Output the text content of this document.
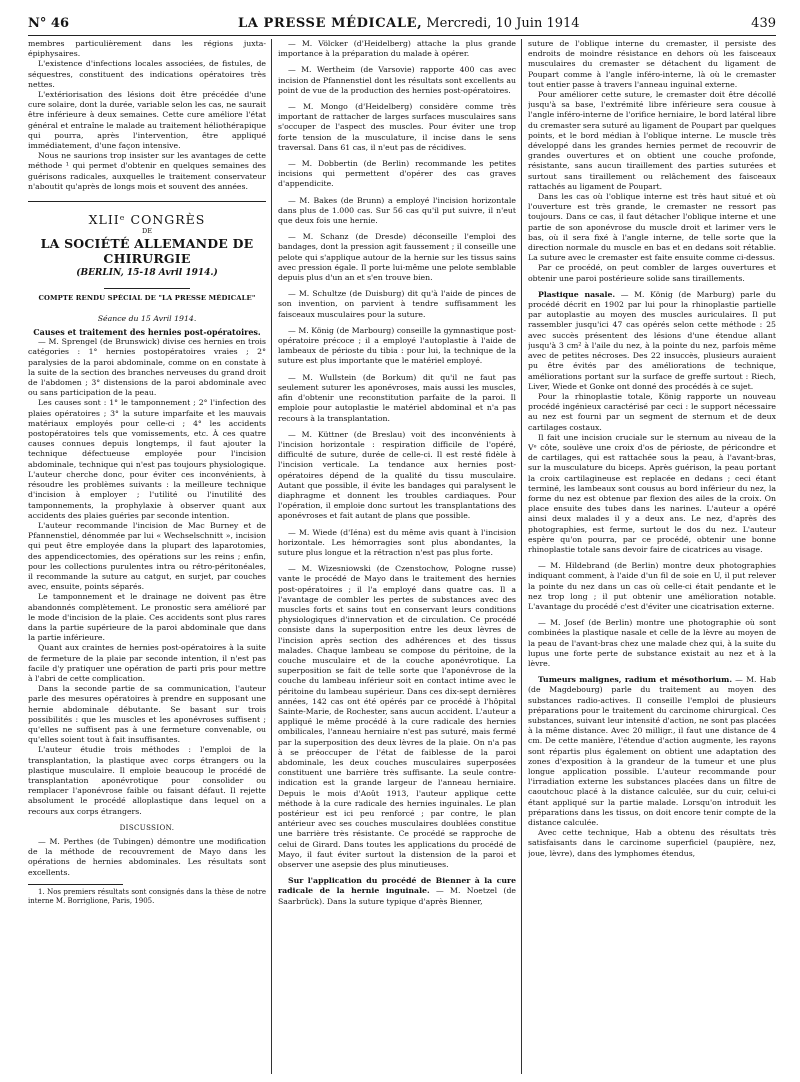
N° 46	LA PRESSE MÉDICALE, Mercredi, 10 Juin 1914	439

membres particulièrement dans les régions juxta-épiphysaires.

L'existence d'infections locales associées, de fistules, de séquestres, constituent des indications opératoires très nettes.

L'extériorisation des lésions doit être précédée d'une cure solaire, dont la durée, variable selon les cas, ne saurait être inférieure à deux semaines. Cette cure améliore l'état général et entraîne le malade au traitement héliothérapique qui pourra, après l'intervention, être appliqué immédiatement, d'une façon intensive.

Nous ne saurions trop insister sur les avantages de cette méthode ¹ qui permet d'obtenir en quelques semaines des guérisons radicales, auxquelles le traitement conservateur n'aboutit qu'après de longs mois et souvent des années.

XLIIᵉ CONGRÈS
DE
LA SOCIÉTÉ ALLEMANDE DE CHIRURGIE
(BERLIN, 15-18 Avril 1914.)
COMPTE RENDU SPÉCIAL DE "LA PRESSE MÉDICALE"
Séance du 15 Avril 1914.
Causes et traitement des hernies post-opératoires.

— M. Sprengel (de Brunswick) divise ces hernies en trois catégories : 1° hernies postopératoires vraies ; 2° paralysies de la paroi abdominale, comme on en constate à la suite de la section des branches nerveuses du grand droit de l'abdomen ; 3° distensions de la paroi abdominale avec ou sans participation de la peau.

Les causes sont : 1° le tamponnement ; 2° l'infection des plaies opératoires ; 3° la suture imparfaite et les mauvais matériaux employés pour celle-ci ; 4° les accidents postopératoires tels que vomissements, etc. À ces quatre causes connues depuis longtemps, il faut ajouter la technique défectueuse employée pour l'incision abdominale, technique qui n'est pas toujours physiologique. L'auteur cherche donc, pour éviter ces inconvénients, à résoudre les problèmes suivants : la meilleure technique d'incision à employer ; l'utilité ou l'inutilité des tamponnements, la prophylaxie à observer quant aux accidents des plaies guéries par seconde intention.

L'auteur recommande l'incision de Mac Burney et de Pfannenstiel, dénommée par lui « Wechselschnitt », incision qui peut être employée dans la plupart des laparotomies, des appendicectomies, des opérations sur les reins ; enfin, pour les collections purulentes intra ou rétro-péritonéales, il recommande la suture au catgut, en surjet, par couches avec, ensuite, points séparés.

Le tamponnement et le drainage ne doivent pas être abandonnés complètement. Le pronostic sera amélioré par le mode d'incision de la plaie. Ces accidents sont plus rares dans la partie supérieure de la paroi abdominale que dans la partie inférieure.

Quant aux craintes de hernies post-opératoires à la suite de fermeture de la plaie par seconde intention, il n'est pas facile d'y pratiquer une opération de parti pris pour mettre à l'abri de cette complication.

Dans la seconde partie de sa communication, l'auteur parle des mesures opératoires à prendre en supposant une hernie abdominale débutante. Se basant sur trois possibilités : que les muscles et les aponévroses suffisent ; qu'elles ne suffisent pas à une fermeture convenable, ou qu'elles soient tout à fait insuffisantes.

L'auteur étudie trois méthodes : l'emploi de la transplantation, la plastique avec corps étrangers ou la plastique musculaire. Il emploie beaucoup le procédé de transplantation aponévrotique pour consolider ou remplacer l'aponévrose faible ou faisant défaut. Il rejette absolument le procédé alloplastique dans lequel on a recours aux corps étrangers.

DISCUSSION.

— M. Perthes (de Tubingen) démontre une modification de la méthode de recouvrement de Mayo dans les opérations de hernies abdominales. Les résultats sont excellents.

1. Nos premiers résultats sont consignés dans la thèse de notre interne M. Borriglione, Paris, 1905.

— M. Völcker (d'Heidelberg) attache la plus grande importance à la préparation du malade à opérer.

— M. Wertheim (de Varsovie) rapporte 400 cas avec incision de Pfannenstiel dont les résultats sont excellents au point de vue de la production des hernies post-opératoires.

— M. Mongo (d'Heidelberg) considère comme très important de rattacher de larges surfaces musculaires sans s'occuper de l'aspect des muscles. Pour éviter une trop forte tension de la musculature, il incise dans le sens traversal. Dans 61 cas, il n'eut pas de récidives.

— M. Dobbertin (de Berlin) recommande les petites incisions qui permettent d'opérer des cas graves d'appendicite.

— M. Bakes (de Brunn) a employé l'incision horizontale dans plus de 1.000 cas. Sur 56 cas qu'il put suivre, il n'eut que deux fois une hernie.

— M. Schanz (de Dresde) déconseille l'emploi des bandages, dont la pression agit faussement ; il conseille une pelote qui s'applique autour de la hernie sur les tissus sains avec pression égale. Il porte lui-même une pelote semblable depuis plus d'un an et s'en trouve bien.

— M. Schultze (de Duisburg) dit qu'à l'aide de pinces de son invention, on parvient à tendre suffisamment les faisceaux musculaires pour la suture.

— M. König (de Marbourg) conseille la gymnastique post-opératoire précoce ; il a employé l'autoplastie à l'aide de lambeaux de périoste du tibia : pour lui, la technique de la suture est plus importante que le matériel employé.

— M. Wullstein (de Borkum) dit qu'il ne faut pas seulement suturer les aponévroses, mais aussi les muscles, afin d'obtenir une reconstitution parfaite de la paroi. Il emploie pour autoplastie le matériel abdominal et n'a pas recours à la transplantation.

— M. Küttner (de Breslau) voit des inconvénients à l'incision horizontale : respiration difficile de l'opéré, difficulté de suture, durée de celle-ci. Il est resté fidèle à l'incision verticale. La tendance aux hernies post-opératoires dépend de la qualité du tissu musculaire. Autant que possible, il évite les bandages qui paralysent le diaphragme et donnent les troubles cardiaques. Pour l'opération, il emploie donc surtout les transplantations des aponévroses et fait autant de plans que possible.

— M. Wiede (d'Iéna) est du même avis quant à l'incision horizontale. Les hémorragies sont plus abondantes, la suture plus longue et la rétraction n'est pas plus forte.

— M. Wizesniowski (de Czenstochow, Pologne russe) vante le procédé de Mayo dans le traitement des hernies post-opératoires ; il l'a employé dans quatre cas. Il a l'avantage de combler les pertes de substances avec des muscles forts et sains tout en conservant leurs conditions physiologiques d'innervation et de circulation. Ce procédé consiste dans la superposition entre les deux lèvres de l'incision après section des adhérences et des tissus malades. Chaque lambeau se compose du péritoine, de la couche musculaire et de la couche aponévrotique. La superposition se fait de telle sorte que l'aponévrose de la couche du lambeau inférieur soit en contact intime avec le péritoine du lambeau supérieur. Dans ces dix-sept dernières années, 142 cas ont été opérés par ce procédé à l'hôpital Sainte-Marie, de Rochester, sans aucun accident. L'auteur a appliqué le même procédé à la cure radicale des hernies ombilicales, l'anneau herniaire n'est pas suturé, mais fermé par la superposition des deux lèvres de la plaie. On n'a pas à se préoccuper de l'état de faiblesse de la paroi abdominale, les deux couches musculaires superposées constituent une barrière très suffisante. La seule contre-indication est la grande largeur de l'anneau herniaire. Depuis le mois d'Août 1913, l'auteur applique cette méthode à la cure radicale des hernies inguinales. Le plan postérieur est ici peu renforcé ; par contre, le plan antérieur avec ses couches musculaires doublées constitue une barrière très résistante. Ce procédé se rapproche de celui de Girard. Dans toutes les applications du procédé de Mayo, il faut éviter surtout la distension de la paroi et observer une asepsie des plus minutieuses.

Sur l'application du procédé de Bienner à la cure radicale de la hernie inguinale. — M. Noetzel (de Saarbrück). Dans la suture typique d'après Bienner,

suture de l'oblique interne du cremaster, il persiste des endroits de moindre résistance en dehors où les faisceaux musculaires du cremaster se détachent du ligament de Poupart comme à l'angle inféro-interne, là où le cremaster tout entier passe à travers l'anneau inguinal externe.

Pour améliorer cette suture, le cremaster doit être décollé jusqu'à sa base, l'extrémité libre inférieure sera cousue à l'angle inféro-interne de l'orifice herniaire, le bord latéral libre du cremaster sera suturé au ligament de Poupart par quelques points, et le bord médian à l'oblique interne. Le muscle très développé dans les grandes hernies permet de recouvrir de grandes ouvertures et on obtient une couche profonde, résistante, sans aucun tiraillement des parties suturées et surtout sans tiraillement ou relâchement des faisceaux rattachés au ligament de Poupart.

Dans les cas où l'oblique interne est très haut situé et où l'ouverture est très grande, le cremaster ne ressort pas toujours. Dans ce cas, il faut détacher l'oblique interne et une partie de son aponévrose du muscle droit et larimer vers le bas, où il sera fixé à l'angle interne, de telle sorte que la direction normale du muscle en bas et en dedans soit rétablie. La suture avec le cremaster est faite ensuite comme ci-dessus.

Par ce procédé, on peut combler de larges ouvertures et obtenir une paroi postérieure solide sans tiraillements.

Plastique nasale. — M. König (de Marburg) parle du procédé décrit en 1902 par lui pour la rhinoplastie partielle par autoplastie au moyen des muscles auriculaires. Il put rassembler jusqu'ici 47 cas opérés selon cette méthode : 25 avec succès présentent des lésions d'une étendue allant jusqu'à 3 cm² à l'aile du nez, à la pointe du nez, parfois même avec de petites nécroses. Des 22 insuccès, plusieurs auraient pu être évités par des améliorations de technique, améliorations portant sur la surface de greffe surtout : Riech, Liver, Wiede et Gonke ont donné des procédés à ce sujet.

Pour la rhinoplastie totale, König rapporte un nouveau procédé ingénieux caractérisé par ceci : le support nécessaire au nez est fourni par un segment de sternum et de deux cartilages costaux.

Il fait une incision cruciale sur le sternum au niveau de la Vᵉ côte, soulève une croix d'os de périoste, de péricondre et de cartilages, qui est rattachée sous la peau, à l'avant-bras, sur la musculature du biceps. Après guérison, la peau portant la croix cartilagineuse est replacée en dedans ; ceci étant terminé, les lambeaux sont cousus au bord inférieur du nez, la forme du nez est obtenue par flexion des ailes de la croix. On place ensuite des tubes dans les narines. L'auteur a opéré ainsi deux malades il y a deux ans. Le nez, d'après des photographies, est ferme, surtout le dos du nez. L'auteur espère qu'on pourra, par ce procédé, obtenir une bonne rhinoplastie totale sans devoir faire de cicatrices au visage.

— M. Hildebrand (de Berlin) montre deux photographies indiquant comment, à l'aide d'un fil de soie en U, il put relever la pointe du nez dans un cas où celle-ci était pendante et le nez trop long ; il put obtenir une amélioration notable. L'avantage du procédé c'est d'éviter une cicatrisation externe.

— M. Josef (de Berlin) montre une photographie où sont combinées la plastique nasale et celle de la lèvre au moyen de la peau de l'avant-bras chez une malade chez qui, à la suite du lupus une forte perte de substance existait au nez et à la lèvre.

Tumeurs malignes, radium et mésothorium. — M. Hab (de Magdebourg) parle du traitement au moyen des substances radio-actives. Il conseille l'emploi de plusieurs préparations pour le traitement du carcinome chirurgical. Ces substances, suivant leur intensité d'action, ne sont pas placées à la même distance. Avec 20 milligr., il faut une distance de 4 cm. De cette manière, l'étendue d'action augmente, les rayons sont répartis plus également on obtient une adaptation des zones d'exposition à la grandeur de la tumeur et une plus longue application possible. L'auteur recommande pour l'irradiation externe les substances placées dans un filtre de caoutchouc placé à la distance calculée, sur du cuir, celui-ci étant appliqué sur la partie malade. Lorsqu'on introduit les préparations dans les tissus, on doit encore tenir compte de la distance calculée.

Avec cette technique, Hab a obtenu des résultats très satisfaisants dans le carcinome superficiel (paupière, nez, joue, lèvre), dans des lymphomes étendus,
